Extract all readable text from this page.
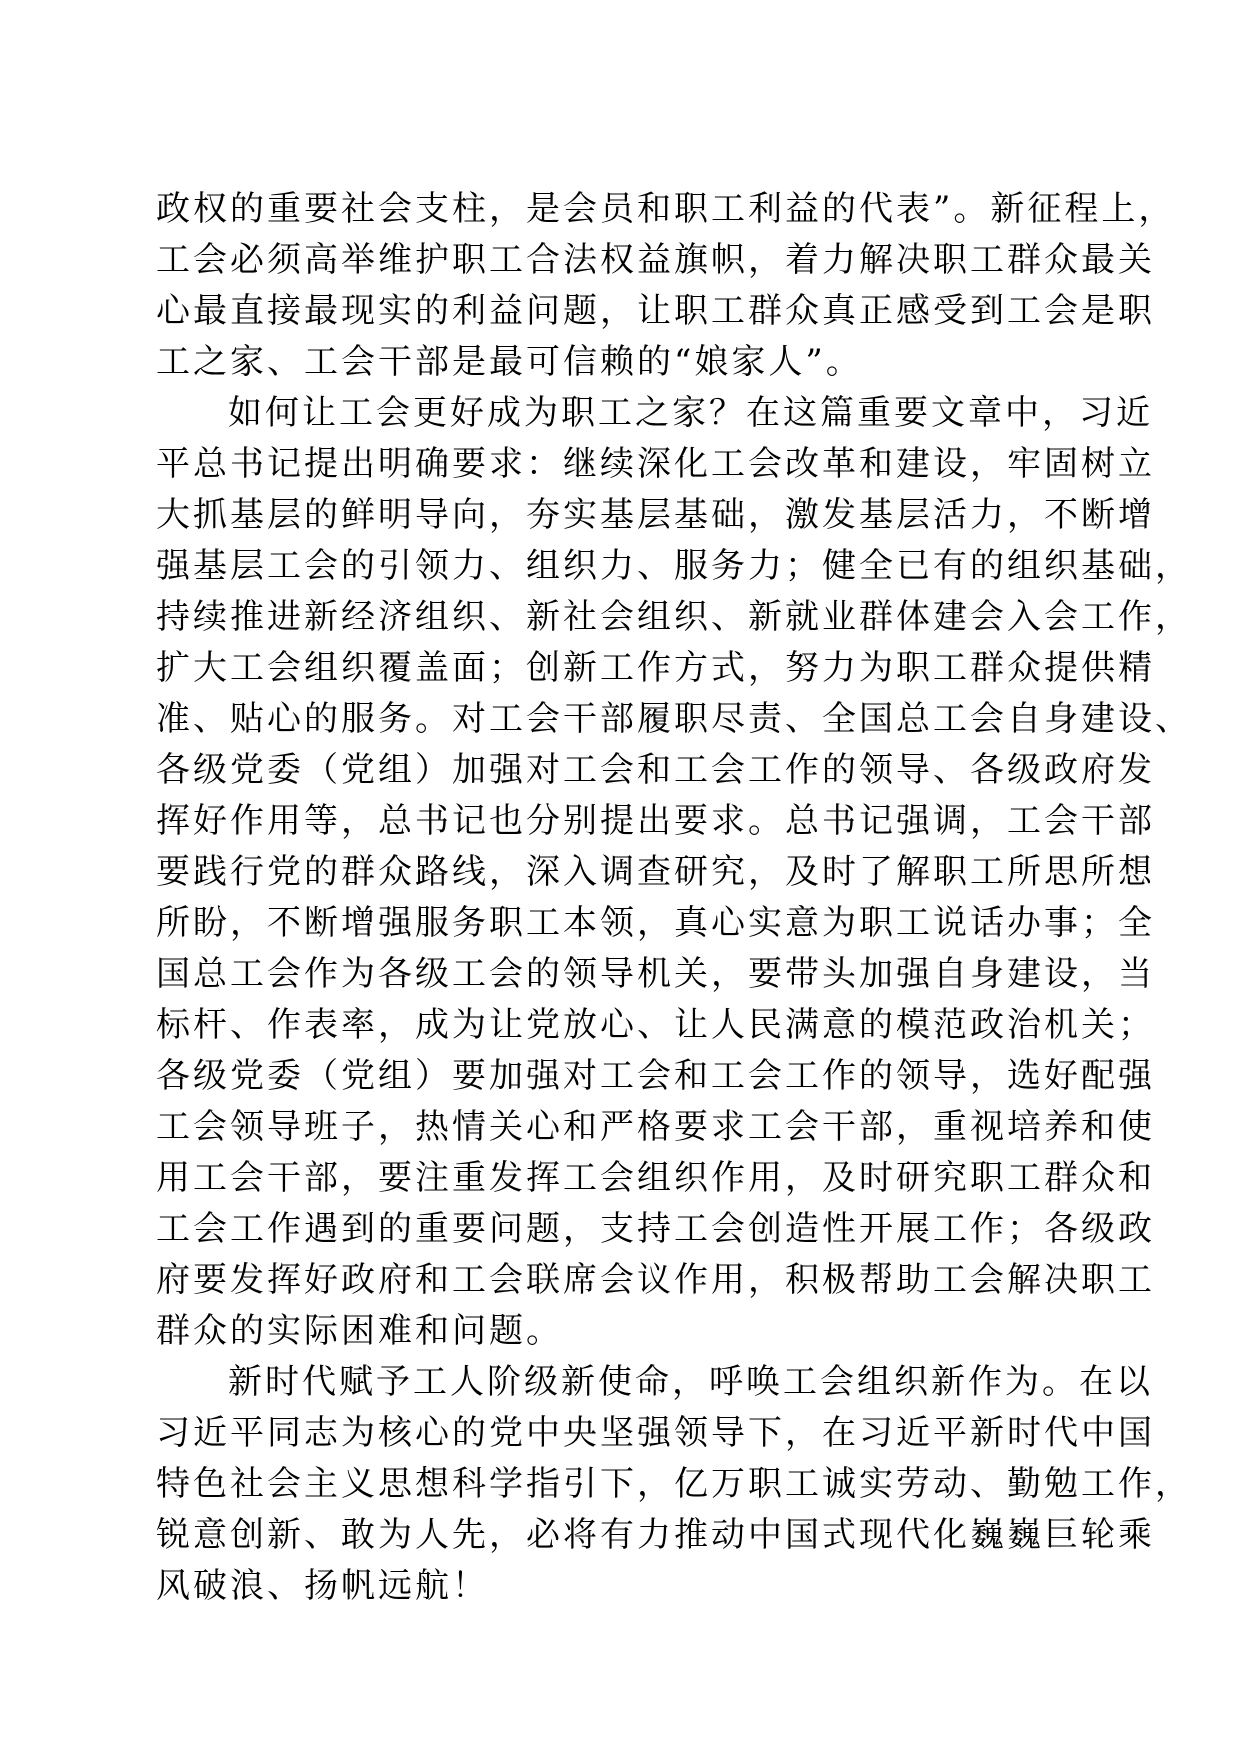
政权的重要社会支柱，是会员和职工利益的代表”。新征程上，
工会必须高举维护职工合法权益旗帜，着力解决职工群众最关
心最直接最现实的利益问题，让职工群众真正感受到工会是职
工之家、工会干部是最可信赖的“娘家人”。
如何让工会更好成为职工之家？在这篇重要文章中，习近
平总书记提出明确要求：继续深化工会改革和建设，牢固树立
大抓基层的鲜明导向，夯实基层基础，激发基层活力，不断增
强基层工会的引领力、组织力、服务力；健全已有的组织基础，
持续推进新经济组织、新社会组织、新就业群体建会入会工作，
扩大工会组织覆盖面；创新工作方式，努力为职工群众提供精
准、贴心的服务。对工会干部履职尽责、全国总工会自身建设、
各级党委（党组）加强对工会和工会工作的领导、各级政府发
挥好作用等，总书记也分别提出要求。总书记强调，工会干部
要践行党的群众路线，深入调查研究，及时了解职工所思所想
所盼，不断增强服务职工本领，真心实意为职工说话办事；全
国总工会作为各级工会的领导机关，要带头加强自身建设，当
标杆、作表率，成为让党放心、让人民满意的模范政治机关；
各级党委（党组）要加强对工会和工会工作的领导，选好配强
工会领导班子，热情关心和严格要求工会干部，重视培养和使
用工会干部，要注重发挥工会组织作用，及时研究职工群众和
工会工作遇到的重要问题，支持工会创造性开展工作；各级政
府要发挥好政府和工会联席会议作用，积极帮助工会解决职工
群众的实际困难和问题。
新时代赋予工人阶级新使命，呼唤工会组织新作为。在以
习近平同志为核心的党中央坚强领导下，在习近平新时代中国
特色社会主义思想科学指引下，亿万职工诚实劳动、勤勉工作，
锐意创新、敢为人先，必将有力推动中国式现代化巍巍巨轮乘
风破浪、扬帆远航！
